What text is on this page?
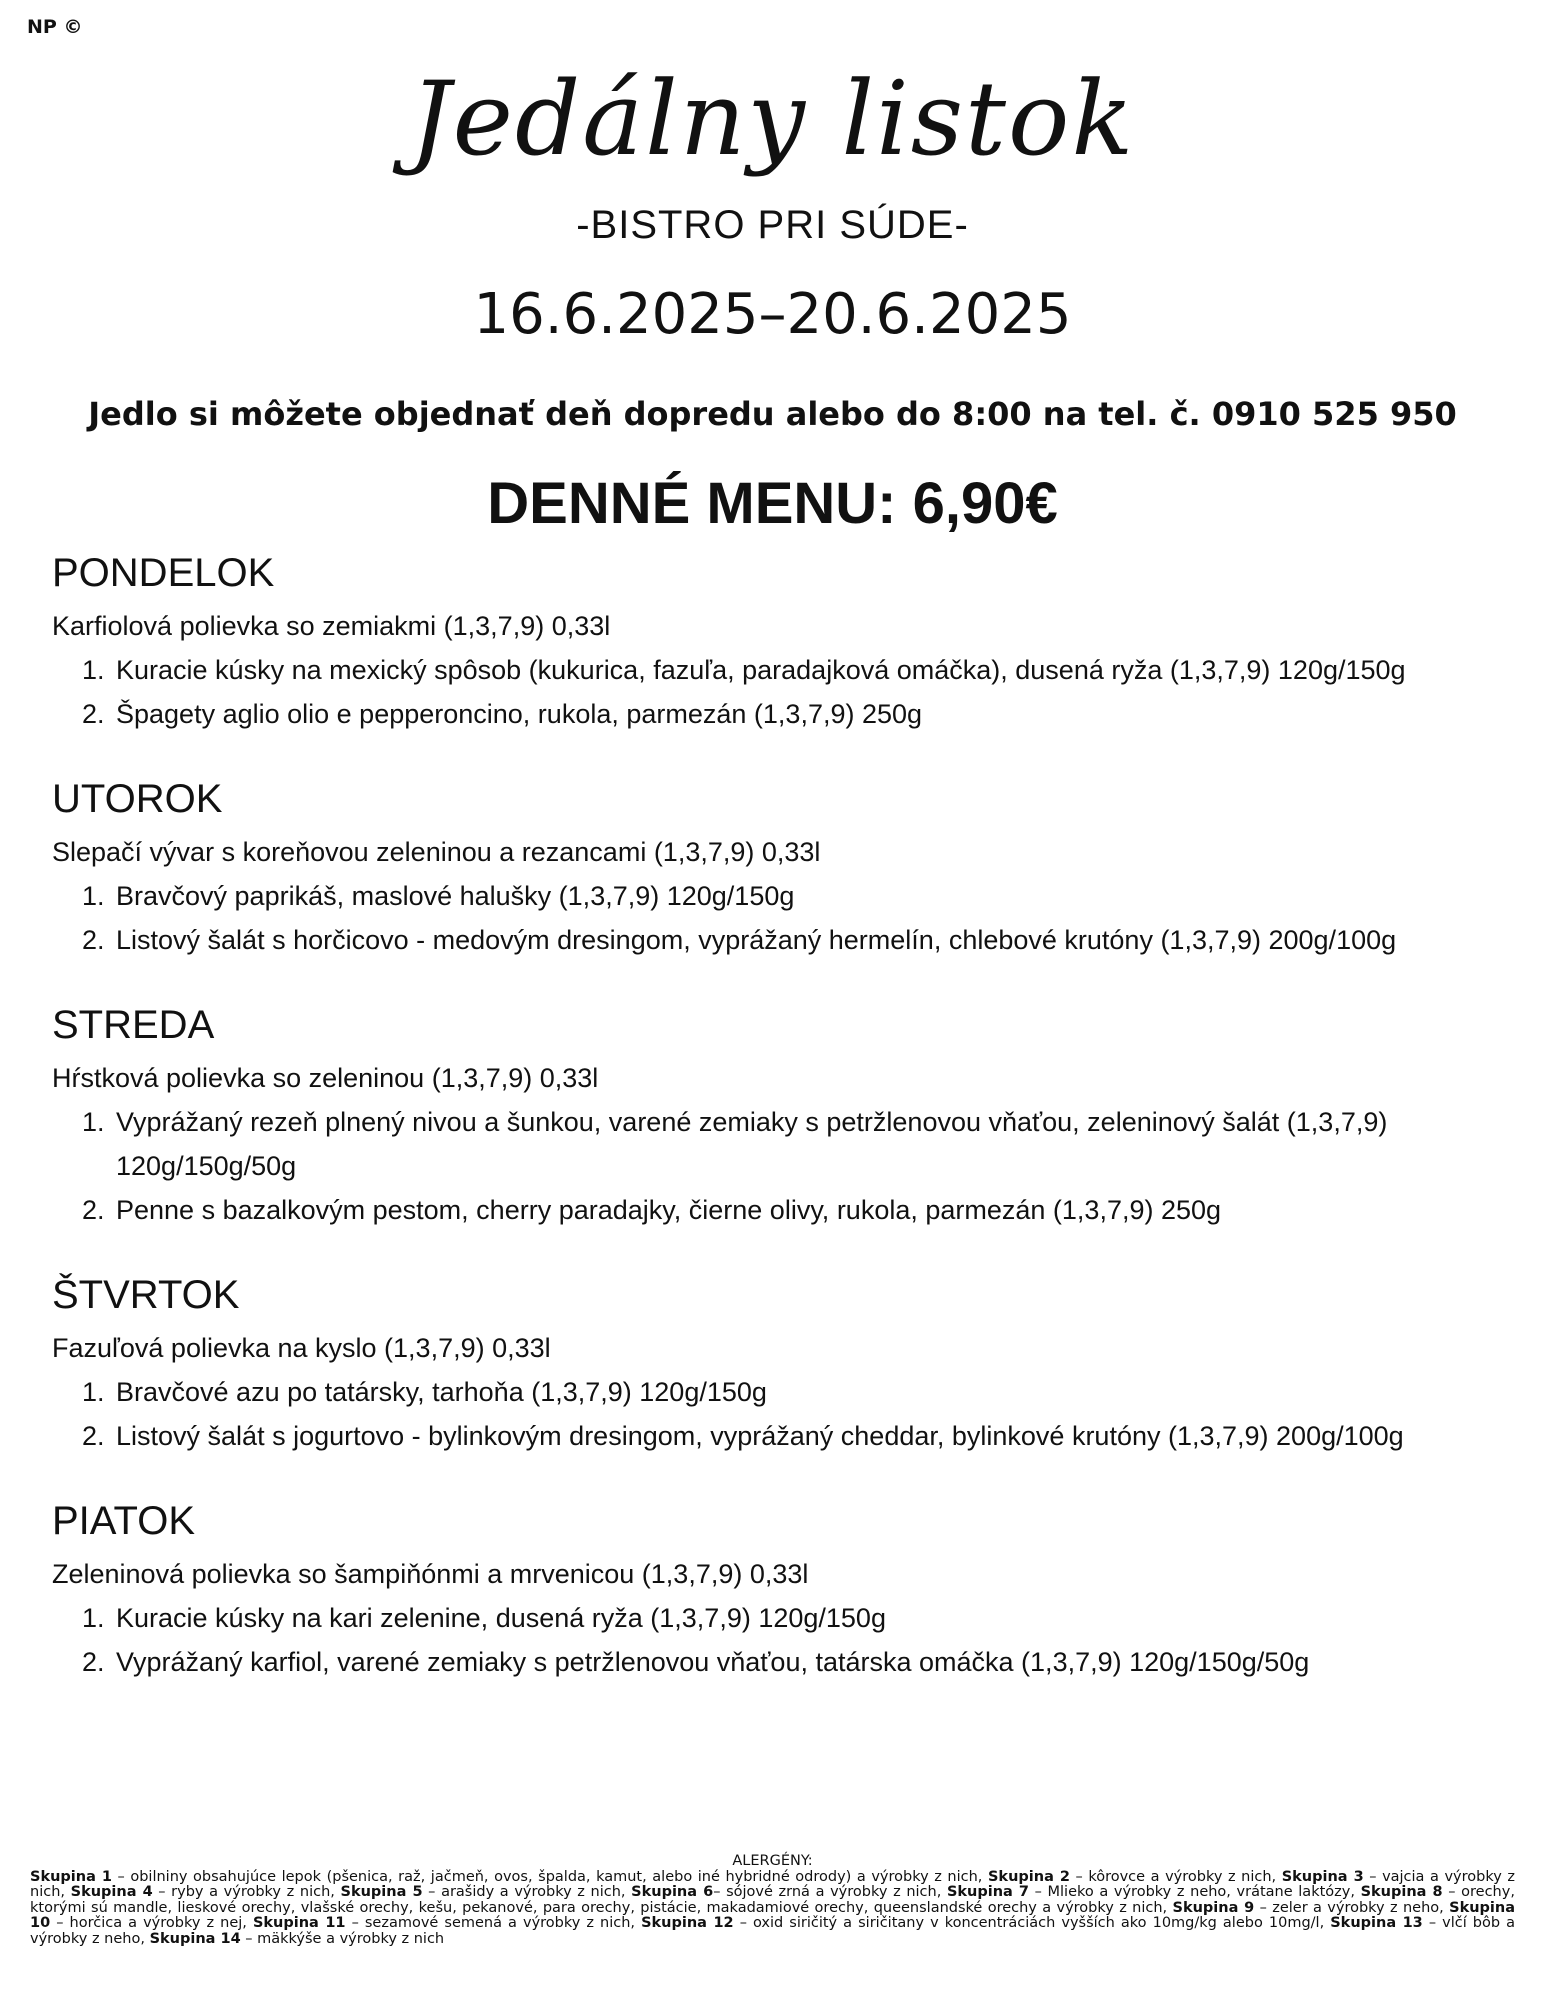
NP ©
Jedálny listok
-BISTRO PRI SÚDE-
16.6.2025–20.6.2025
Jedlo si môžete objednať deň dopredu alebo do 8:00 na tel. č. 0910 525 950
DENNÉ MENU: 6,90€
PONDELOK
Karfiolová polievka so zemiakmi (1,3,7,9) 0,33l
1. Kuracie kúsky na mexický spôsob (kukurica, fazuľa, paradajková omáčka), dusená ryža (1,3,7,9) 120g/150g
2. Špagety aglio olio e pepperoncino, rukola, parmezán (1,3,7,9) 250g
UTOROK
Slepačí vývar s koreňovou zeleninou a rezancami (1,3,7,9) 0,33l
1. Bravčový paprikáš, maslové halušky (1,3,7,9) 120g/150g
2. Listový šalát s horčicovo - medovým dresingom, vyprážaný hermelín, chlebové krutóny (1,3,7,9) 200g/100g
STREDA
Hŕstková polievka so zeleninou (1,3,7,9) 0,33l
1. Vyprážaný rezeň plnený nivou a šunkou, varené zemiaky s petržlenovou vňaťou, zeleninový šalát (1,3,7,9) 120g/150g/50g
2. Penne s bazalkovým pestom, cherry paradajky, čierne olivy, rukola, parmezán (1,3,7,9) 250g
ŠTVRTOK
Fazuľová polievka na kyslo (1,3,7,9) 0,33l
1. Bravčové azu po tatársky, tarhoňa (1,3,7,9) 120g/150g
2. Listový šalát s jogurtovo - bylinkovým dresingom, vyprážaný cheddar, bylinkové krutóny (1,3,7,9) 200g/100g
PIATOK
Zeleninová polievka so šampiňónmi a mrvenicou (1,3,7,9) 0,33l
1. Kuracie kúsky na kari zelenine, dusená ryža (1,3,7,9) 120g/150g
2. Vyprážaný karfiol, varené zemiaky s petržlenovou vňaťou, tatárska omáčka (1,3,7,9) 120g/150g/50g
ALERGÉNY:
Skupina 1 – obilniny obsahujúce lepok (pšenica, raž, jačmeň, ovos, špalda, kamut, alebo iné hybridné odrody) a výrobky z nich, Skupina 2 – kôrovce a výrobky z nich, Skupina 3 – vajcia a výrobky z nich, Skupina 4 – ryby a výrobky z nich, Skupina 5 – arašidy a výrobky z nich, Skupina 6– sójové zrná a výrobky z nich, Skupina 7 – Mlieko a výrobky z neho, vrátane laktózy, Skupina 8 – orechy, ktorými sú mandle, lieskové orechy, vlašské orechy, kešu, pekanové, para orechy, pistácie, makadamiové orechy, queenslandské orechy a výrobky z nich, Skupina 9 – zeler a výrobky z neho, Skupina 10 – horčica a výrobky z nej, Skupina 11 – sezamové semená a výrobky z nich, Skupina 12 – oxid siričitý a siričitany v koncentráciách vyšších ako 10mg/kg alebo 10mg/l, Skupina 13 – vlčí bôb a výrobky z neho, Skupina 14 – mäkkýše a výrobky z nich
